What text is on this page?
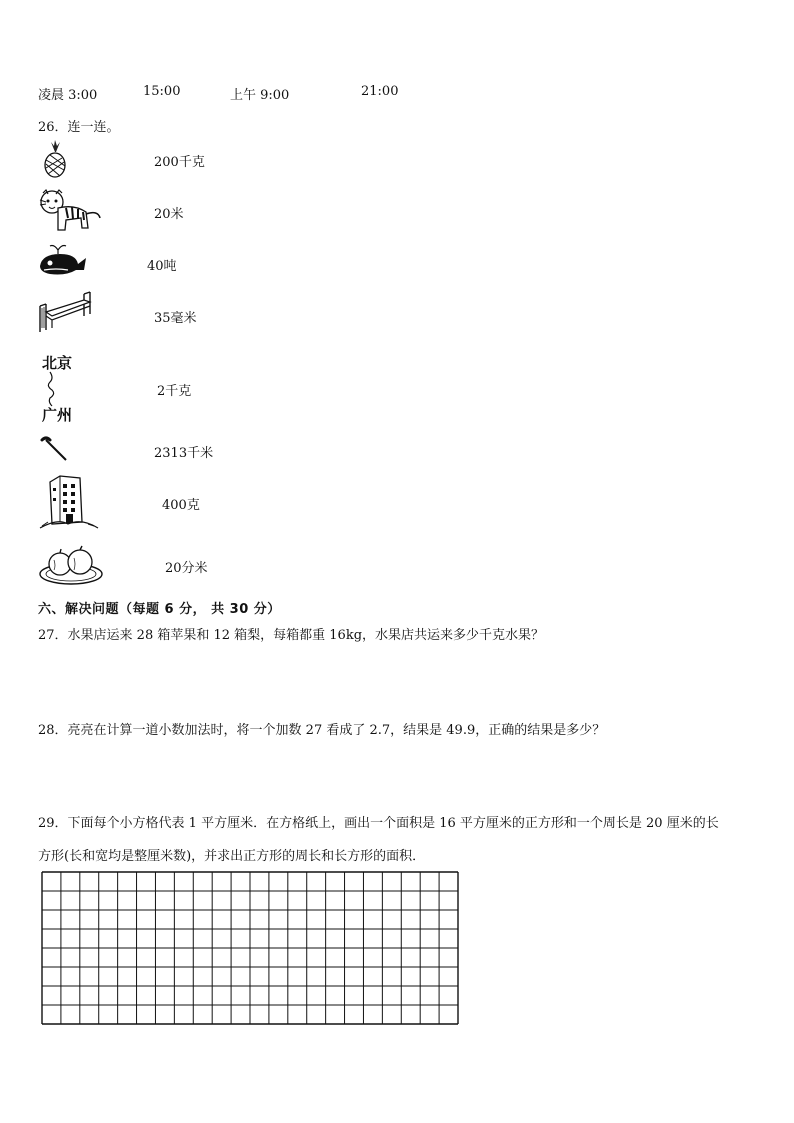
凌晨 3:00	15:00	上午 9:00	21:00
26．连一连。
200千克
20米
40吨
35毫米
北京
广州
2千克
2313千米
400克
20分米
六、解决问题（每题 6 分， 共 30 分）
27．水果店运来 28 箱苹果和 12 箱梨，每箱都重 16kg，水果店共运来多少千克水果？
28．亮亮在计算一道小数加法时，将一个加数 27 看成了 2.7，结果是 49.9，正确的结果是多少？
29．下面每个小方格代表 1 平方厘米．在方格纸上，画出一个面积是 16 平方厘米的正方形和一个周长是 20 厘米的长
方形(长和宽均是整厘米数)，并求出正方形的周长和长方形的面积．
